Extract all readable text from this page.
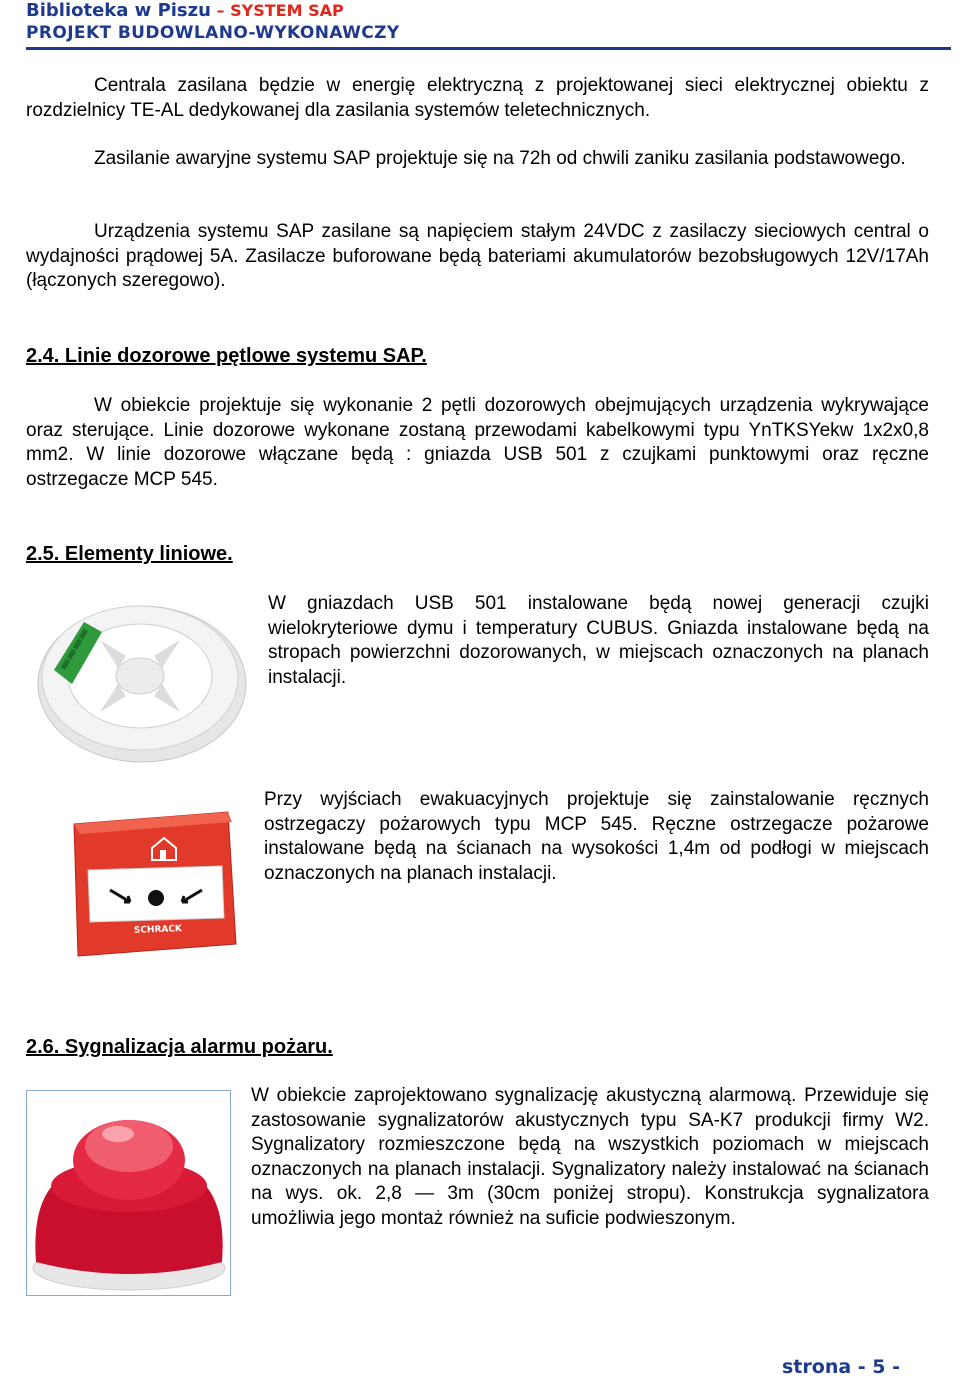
Biblioteka w Piszu – SYSTEM SAP
PROJEKT BUDOWLANO-WYKONAWCZY

Centrala zasilana będzie w energię elektryczną z projektowanej sieci elektrycznej obiektu z rozdzielnicy TE-AL dedykowanej dla zasilania systemów teletechnicznych.

Zasilanie awaryjne systemu SAP projektuje się na 72h od chwili zaniku zasilania podstawowego.

Urządzenia systemu SAP zasilane są napięciem stałym 24VDC z zasilaczy sieciowych central o wydajności prądowej 5A. Zasilacze buforowane będą bateriami akumulatorów bezobsługowych 12V/17Ah (łączonych szeregowo).

2.4. Linie dozorowe pętlowe systemu SAP.

W obiekcie projektuje się wykonanie 2 pętli dozorowych obejmujących urządzenia wykrywające oraz sterujące. Linie dozorowe wykonane zostaną przewodami kabelkowymi typu YnTKSYekw 1x2x0,8 mm2. W linie dozorowe włączane będą : gniazda USB 501 z czujkami punktowymi oraz ręczne ostrzegacze MCP 545.

2.5. Elementy liniowe.

W gniazdach USB 501 instalowane będą nowej generacji czujki wielokryteriowe dymu i temperatury CUBUS. Gniazda instalowane będą na stropach powierzchni dozorowanych, w miejscach oznaczonych na planach instalacji.

SCHRACK

Przy wyjściach ewakuacyjnych projektuje się zainstalowanie ręcznych ostrzegaczy pożarowych typu MCP 545. Ręczne ostrzegacze pożarowe instalowane będą na ścianach na wysokości 1,4m od podłogi w miejscach oznaczonych na planach instalacji.

2.6. Sygnalizacja alarmu pożaru.

W obiekcie zaprojektowano sygnalizację akustyczną alarmową. Przewiduje się zastosowanie sygnalizatorów akustycznych typu SA-K7 produkcji firmy W2. Sygnalizatory rozmieszczone będą na wszystkich poziomach w miejscach oznaczonych na planach instalacji. Sygnalizatory należy instalować na ścianach na wys. ok. 2,8 — 3m (30cm poniżej stropu). Konstrukcja sygnalizatora umożliwia jego montaż również na suficie podwieszonym.

strona - 5 -
